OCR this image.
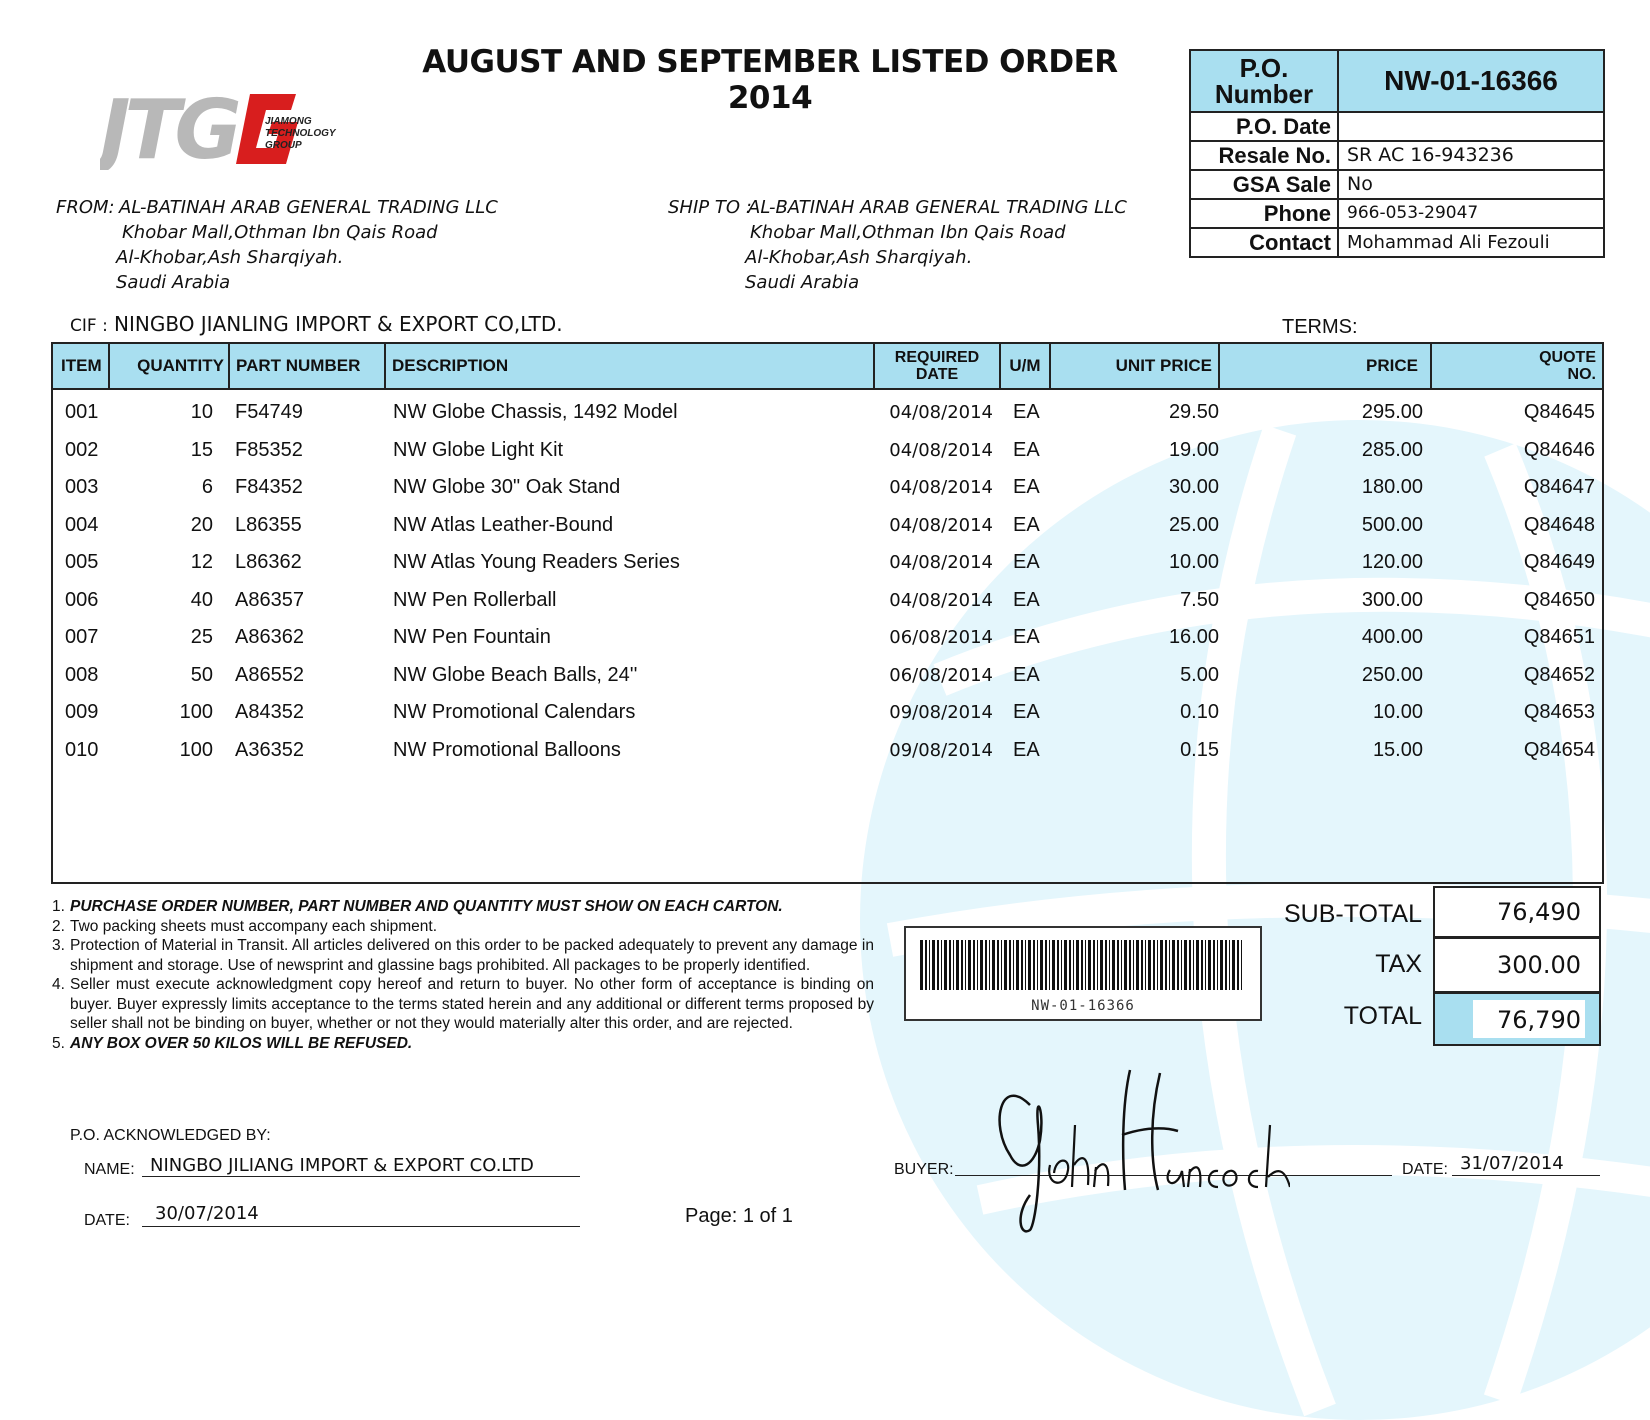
AUGUST AND SEPTEMBER LISTED ORDER 2014
JTG	JIAMONG
TECHNOLOGY
GROUP
FROM: AL-BATINAH ARAB GENERAL TRADING LLC
Khobar Mall,Othman Ibn Qais Road
Al-Khobar,Ash Sharqiyah.
Saudi Arabia
SHIP TO :
AL-BATINAH ARAB GENERAL TRADING LLC
Khobar Mall,Othman Ibn Qais Road
Al-Khobar,Ash Sharqiyah.
Saudi Arabia
P.O.
Number	NW-01-16366
P.O. Date
Resale No. SR AC 16-943236
GSA Sale No
Phone 966-053-29047
Contact Mohammad Ali Fezouli
CIF : NINGBO JIANLING IMPORT & EXPORT CO,LTD.	TERMS:
ITEM	QUANTITY PART NUMBER	DESCRIPTION	REQUIRED
DATE	U/M	UNIT PRICE	PRICE	QUOTE
NO.
001	10 F54749	NW Globe Chassis, 1492 Model	04/08/2014 EA	29.50	295.00	Q84645
002	15 F85352	NW Globe Light Kit	04/08/2014 EA	19.00	285.00	Q84646
003	6 F84352	NW Globe 30" Oak Stand	04/08/2014 EA	30.00	180.00	Q84647
004	20 L86355	NW Atlas Leather-Bound	04/08/2014 EA	25.00	500.00	Q84648
005	12 L86362	NW Atlas Young Readers Series	04/08/2014 EA	10.00	120.00	Q84649
006	40 A86357	NW Pen Rollerball	04/08/2014 EA	7.50	300.00	Q84650
007	25 A86362	NW Pen Fountain	06/08/2014 EA	16.00	400.00	Q84651
008	50 A86552	NW Globe Beach Balls, 24''	06/08/2014 EA	5.00	250.00	Q84652
009	100 A84352	NW Promotional Calendars	09/08/2014 EA	0.10	10.00	Q84653
010	100 A36352	NW Promotional Balloons	09/08/2014 EA	0.15	15.00	Q84654
1. PURCHASE ORDER NUMBER, PART NUMBER AND QUANTITY MUST SHOW ON EACH CARTON.
2. Two packing sheets must accompany each shipment.
3. Protection of Material in Transit. All articles delivered on this order to be packed adequately to prevent any damage in shipment and storage. Use of newsprint and glassine bags prohibited. All packages to be properly identified.
4. Seller must execute acknowledgment copy hereof and return to buyer. No other form of acceptance is binding on buyer. Buyer expressly limits acceptance to the terms stated herein and any additional or different terms proposed by seller shall not be binding on buyer, whether or not they would materially alter this order, and are rejected.
5. ANY BOX OVER 50 KILOS WILL BE REFUSED.
NW-01-16366
SUB-TOTAL	76,490
TAX	300.00
TOTAL	76,790
P.O. ACKNOWLEDGED BY:
NAME: NINGBO JILIANG IMPORT & EXPORT CO.LTD
DATE: 30/07/2014	Page: 1 of 1
BUYER:	DATE: 31/07/2014
